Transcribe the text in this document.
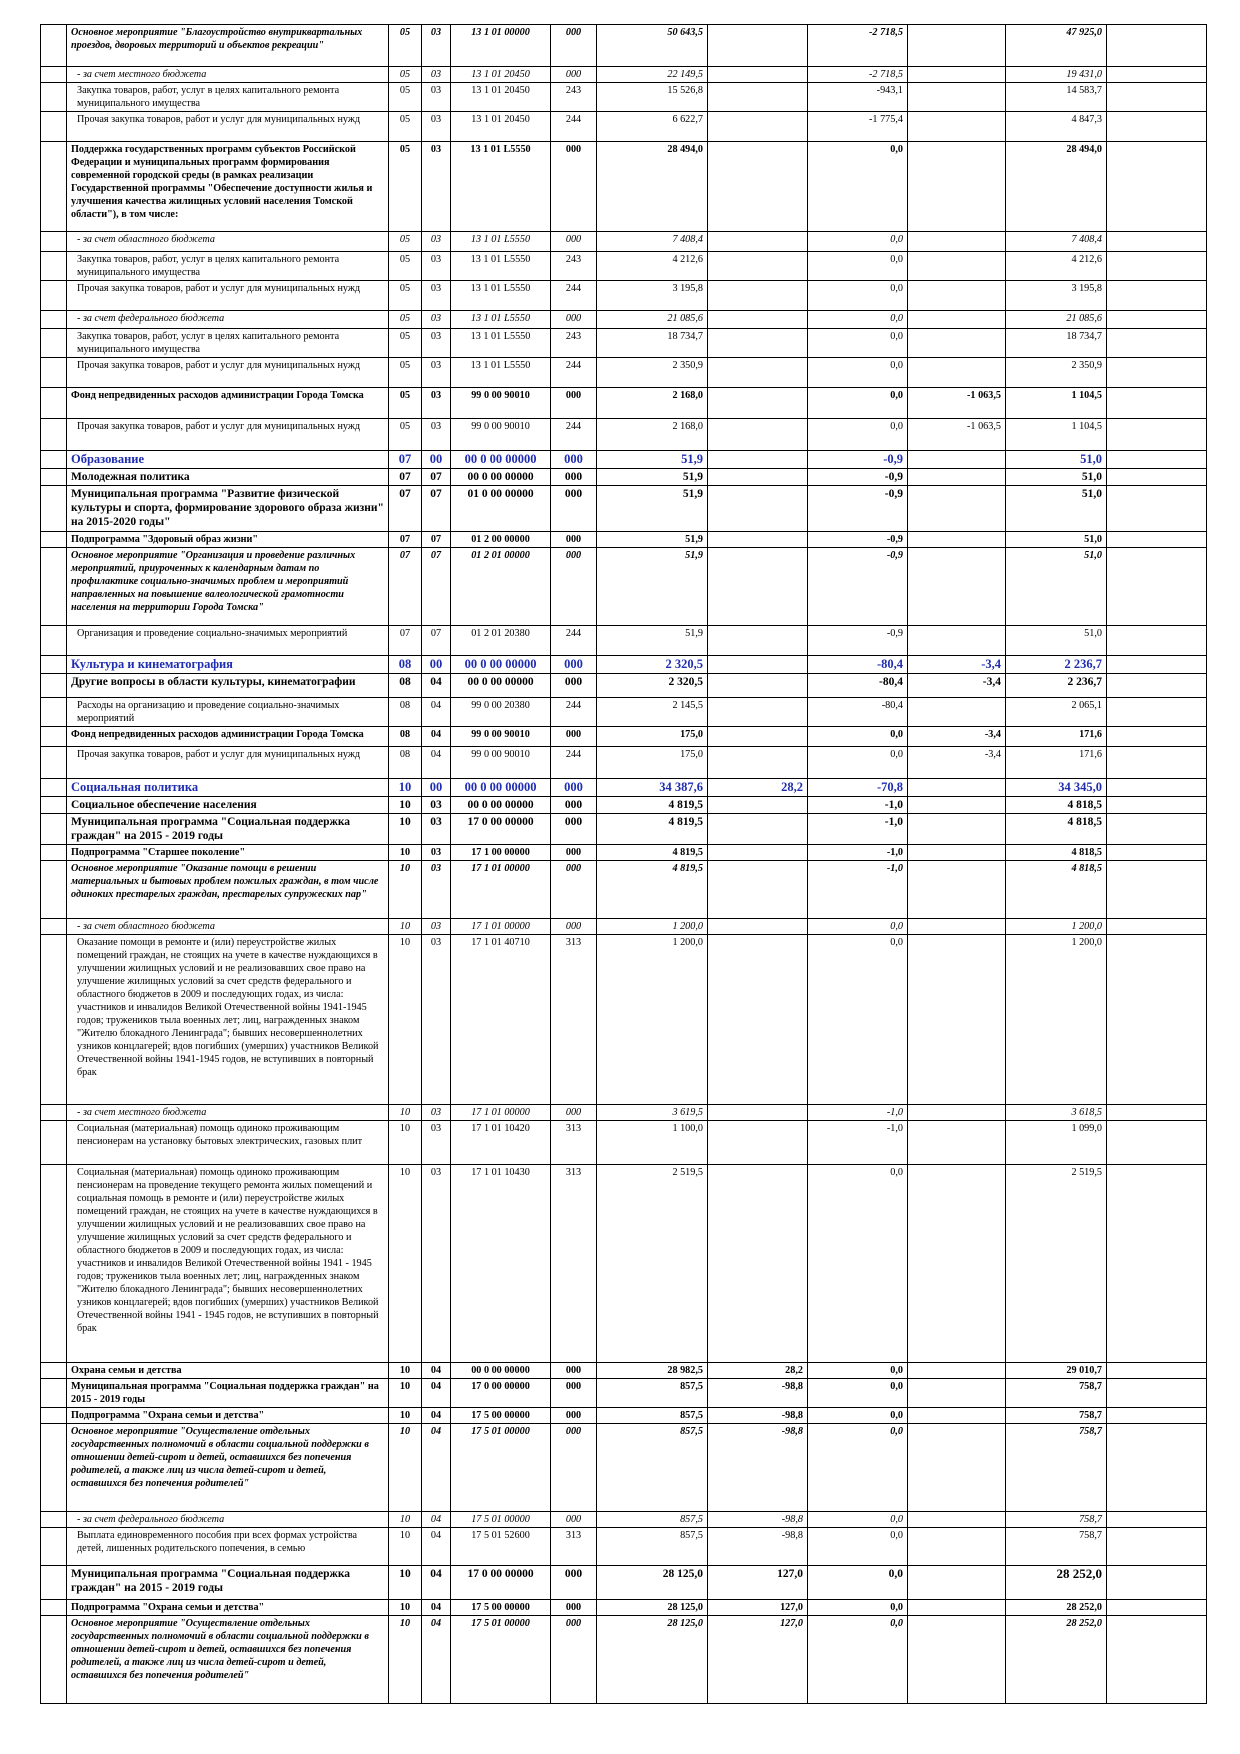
	Основное мероприятие "Благоустройство внутриквартальных проездов, дворовых территорий и объектов рекреации"	05	03	13 1 01 00000	000	50 643,5		-2 718,5		47 925,0	
	- за счет местного бюджета	05	03	13 1 01 20450	000	22 149,5		-2 718,5		19 431,0	
	Закупка товаров, работ, услуг в целях капитального ремонта муниципального имущества	05	03	13 1 01 20450	243	15 526,8		-943,1		14 583,7	
	Прочая закупка товаров, работ и услуг для муниципальных нужд	05	03	13 1 01 20450	244	6 622,7		-1 775,4		4 847,3	
	Поддержка государственных программ субъектов Российской Федерации и муниципальных программ формирования современной городской среды (в рамках реализации Государственной программы "Обеспечение доступности жилья и улучшения качества жилищных условий населения Томской области"), в том числе:	05	03	13 1 01 L5550	000	28 494,0		0,0		28 494,0	
	- за счет областного бюджета	05	03	13 1 01 L5550	000	7 408,4		0,0		7 408,4	
	Закупка товаров, работ, услуг в целях капитального ремонта муниципального имущества	05	03	13 1 01 L5550	243	4 212,6		0,0		4 212,6	
	Прочая закупка товаров, работ и услуг для муниципальных нужд	05	03	13 1 01 L5550	244	3 195,8		0,0		3 195,8	
	- за счет федерального бюджета	05	03	13 1 01 L5550	000	21 085,6		0,0		21 085,6	
	Закупка товаров, работ, услуг в целях капитального ремонта муниципального имущества	05	03	13 1 01 L5550	243	18 734,7		0,0		18 734,7	
	Прочая закупка товаров, работ и услуг для муниципальных нужд	05	03	13 1 01 L5550	244	2 350,9		0,0		2 350,9	
	Фонд непредвиденных расходов администрации Города Томска	05	03	99 0 00 90010	000	2 168,0		0,0	-1 063,5	1 104,5	
	Прочая закупка товаров, работ и услуг для муниципальных нужд	05	03	99 0 00 90010	244	2 168,0		0,0	-1 063,5	1 104,5	
	Образование	07	00	00 0 00 00000	000	51,9		-0,9		51,0	
	Молодежная политика	07	07	00 0 00 00000	000	51,9		-0,9		51,0	
	Муниципальная программа "Развитие физической культуры и спорта, формирование здорового образа жизни" на 2015-2020 годы"	07	07	01 0 00 00000	000	51,9		-0,9		51,0	
	Подпрограмма "Здоровый образ жизни"	07	07	01 2 00 00000	000	51,9		-0,9		51,0	
	Основное мероприятие "Организация и проведение различных мероприятий, приуроченных к календарным датам по профилактике социально-значимых проблем и мероприятий направленных на повышение валеологической грамотности населения на территории Города Томска"	07	07	01 2 01 00000	000	51,9		-0,9		51,0	
	Организация и проведение социально-значимых мероприятий	07	07	01 2 01 20380	244	51,9		-0,9		51,0	
	Культура и кинематография	08	00	00 0 00 00000	000	2 320,5		-80,4	-3,4	2 236,7	
	Другие вопросы в области культуры, кинематографии	08	04	00 0 00 00000	000	2 320,5		-80,4	-3,4	2 236,7	
	Расходы на организацию и проведение социально-значимых мероприятий	08	04	99 0 00 20380	244	2 145,5		-80,4		2 065,1	
	Фонд непредвиденных расходов администрации Города Томска	08	04	99 0 00 90010	000	175,0		0,0	-3,4	171,6	
	Прочая закупка товаров, работ и услуг для муниципальных нужд	08	04	99 0 00 90010	244	175,0		0,0	-3,4	171,6	
	Социальная политика	10	00	00 0 00 00000	000	34 387,6	28,2	-70,8		34 345,0	
	Социальное обеспечение населения	10	03	00 0 00 00000	000	4 819,5		-1,0		4 818,5	
	Муниципальная программа "Социальная поддержка граждан" на 2015 - 2019 годы	10	03	17 0 00 00000	000	4 819,5		-1,0		4 818,5	
	Подпрограмма "Старшее поколение"	10	03	17 1 00 00000	000	4 819,5		-1,0		4 818,5	
	Основное мероприятие "Оказание помощи в решении материальных и бытовых проблем пожилых граждан, в том числе одиноких престарелых граждан, престарелых супружеских пар"	10	03	17 1 01 00000	000	4 819,5		-1,0		4 818,5	
	- за счет областного бюджета	10	03	17 1 01 00000	000	1 200,0		0,0		1 200,0	
	Оказание помощи в ремонте и (или) переустройстве жилых помещений граждан, не стоящих на учете в качестве нуждающихся в улучшении жилищных условий и не реализовавших свое право на улучшение жилищных условий за счет средств федерального и областного бюджетов в 2009 и последующих годах, из числа: участников и инвалидов Великой Отечественной войны 1941-1945 годов; тружеников тыла военных лет; лиц, награжденных знаком "Жителю блокадного Ленинграда"; бывших несовершеннолетних узников концлагерей; вдов погибших (умерших) участников Великой Отечественной войны 1941-1945 годов, не вступивших в повторный брак	10	03	17 1 01 40710	313	1 200,0		0,0		1 200,0	
	- за счет местного бюджета	10	03	17 1 01 00000	000	3 619,5		-1,0		3 618,5	
	Социальная (материальная) помощь одиноко проживающим пенсионерам на установку бытовых электрических, газовых плит	10	03	17 1 01 10420	313	1 100,0		-1,0		1 099,0	
	Социальная (материальная) помощь одиноко проживающим пенсионерам на проведение текущего ремонта жилых помещений и социальная помощь в ремонте и (или) переустройстве жилых помещений граждан, не стоящих на учете в качестве нуждающихся в улучшении жилищных условий и не реализовавших свое право на улучшение жилищных условий за счет средств федерального и областного бюджетов в 2009 и последующих годах, из числа: участников и инвалидов Великой Отечественной войны 1941 - 1945 годов; тружеников тыла военных лет; лиц, награжденных знаком "Жителю блокадного Ленинграда"; бывших несовершеннолетних узников концлагерей; вдов погибших (умерших) участников Великой Отечественной войны 1941 - 1945 годов, не вступивших в повторный брак	10	03	17 1 01 10430	313	2 519,5		0,0		2 519,5	
	Охрана семьи и детства	10	04	00 0 00 00000	000	28 982,5	28,2	0,0		29 010,7	
	Муниципальная программа "Социальная поддержка граждан" на 2015 - 2019 годы	10	04	17 0 00 00000	000	857,5	-98,8	0,0		758,7	
	Подпрограмма "Охрана семьи и детства"	10	04	17 5 00 00000	000	857,5	-98,8	0,0		758,7	
	Основное мероприятие "Осуществление отдельных государственных полномочий в области социальной поддержки в отношении детей-сирот и детей, оставшихся без попечения родителей, а также лиц из числа детей-сирот и детей, оставшихся без попечения родителей"	10	04	17 5 01 00000	000	857,5	-98,8	0,0		758,7	
	- за счет федерального бюджета	10	04	17 5 01 00000	000	857,5	-98,8	0,0		758,7	
	Выплата единовременного пособия при всех формах устройства детей, лишенных родительского попечения, в семью	10	04	17 5 01 52600	313	857,5	-98,8	0,0		758,7	
	Муниципальная программа "Социальная поддержка граждан" на 2015 - 2019 годы	10	04	17 0 00 00000	000	28 125,0	127,0	0,0		28 252,0	
	Подпрограмма "Охрана семьи и детства"	10	04	17 5 00 00000	000	28 125,0	127,0	0,0		28 252,0	
	Основное мероприятие "Осуществление отдельных государственных полномочий в области социальной поддержки в отношении детей-сирот и детей, оставшихся без попечения родителей, а также лиц из числа детей-сирот и детей, оставшихся без попечения родителей"	10	04	17 5 01 00000	000	28 125,0	127,0	0,0		28 252,0	
